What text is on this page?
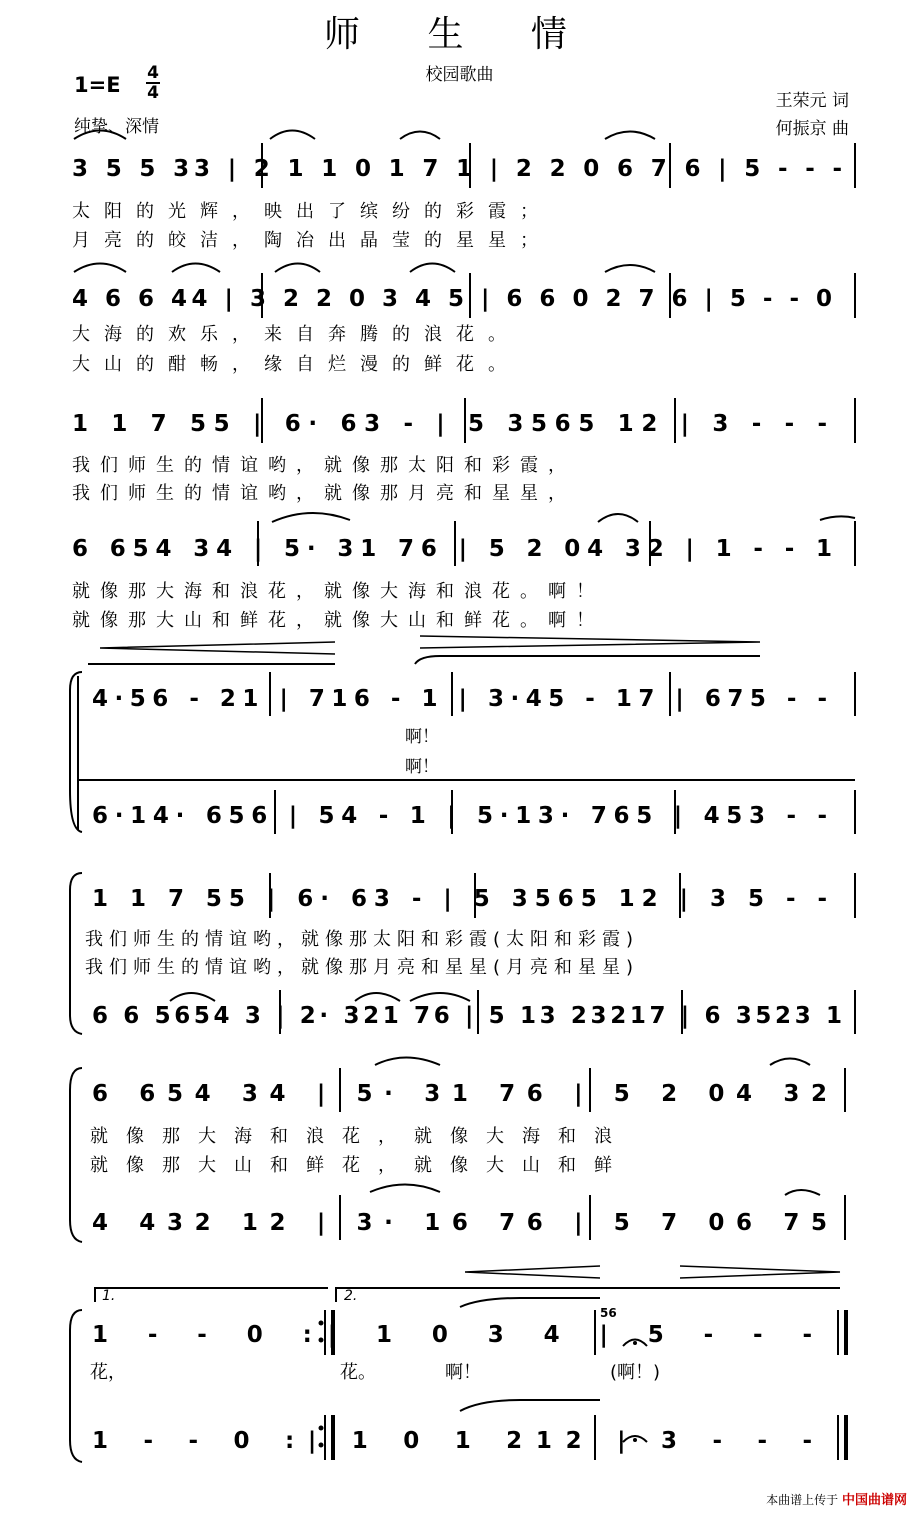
师 生 情
校园歌曲
1=E 4
4
纯挚、深情
王荣元 词
何振京 曲
3 5 5 33 | 2 1 1 0 1 7 1 | 2 2 0 6 7 6 | 5 - - -
4 6 6 44 | 3 2 2 0 3 4 5 | 6 6 0 2 7 6 | 5 - - 0
1 1 7 55 | 6· 63 - | 5 3565 12 | 3 - - -
6 654 34 | 5· 31 76 | 5 2 04 32 | 1 - - 1
4·56 - 21 | 716 - 1 | 3·45 - 17 | 675 - -
6·14· 656 | 54 - 1 | 5·13· 765 | 453 - -
1 1 7 55 | 6· 63 - | 5 3565 12 | 3 5 - -
6 6 5654 3 | 2· 321 76 | 5 13 23217 | 6 3523 1
6 654 34 | 5· 31 76 | 5 2 04 32
4 432 12 | 3· 16 76 | 5 7 06 75
1 - - 0 :| 1 0 3 4 | 5 - - -
1 - - 0 :| 1 0 1 212 | 3 - - -
56
1.	2.
太阳的光辉，映出了缤纷的彩霞；
月亮的皎洁，陶冶出晶莹的星星；
大海的欢乐，来自奔腾的浪花。
大山的酣畅，缘自烂漫的鲜花。
我们师生的情谊哟，就像那太阳和彩霞，
我们师生的情谊哟，就像那月亮和星星，
就像那大海和浪花，就像大海和浪花。啊！
就像那大山和鲜花，就像大山和鲜花。啊！
啊！
啊！
我们师生的情谊哟，就像那太阳和彩霞(太阳和彩霞)
我们师生的情谊哟，就像那月亮和星星(月亮和星星)
就像那大海和浪花，就像大海和浪
就像那大山和鲜花，就像大山和鲜
花，	花。	啊！	(啊！)
本曲谱上传于 中国曲谱网
